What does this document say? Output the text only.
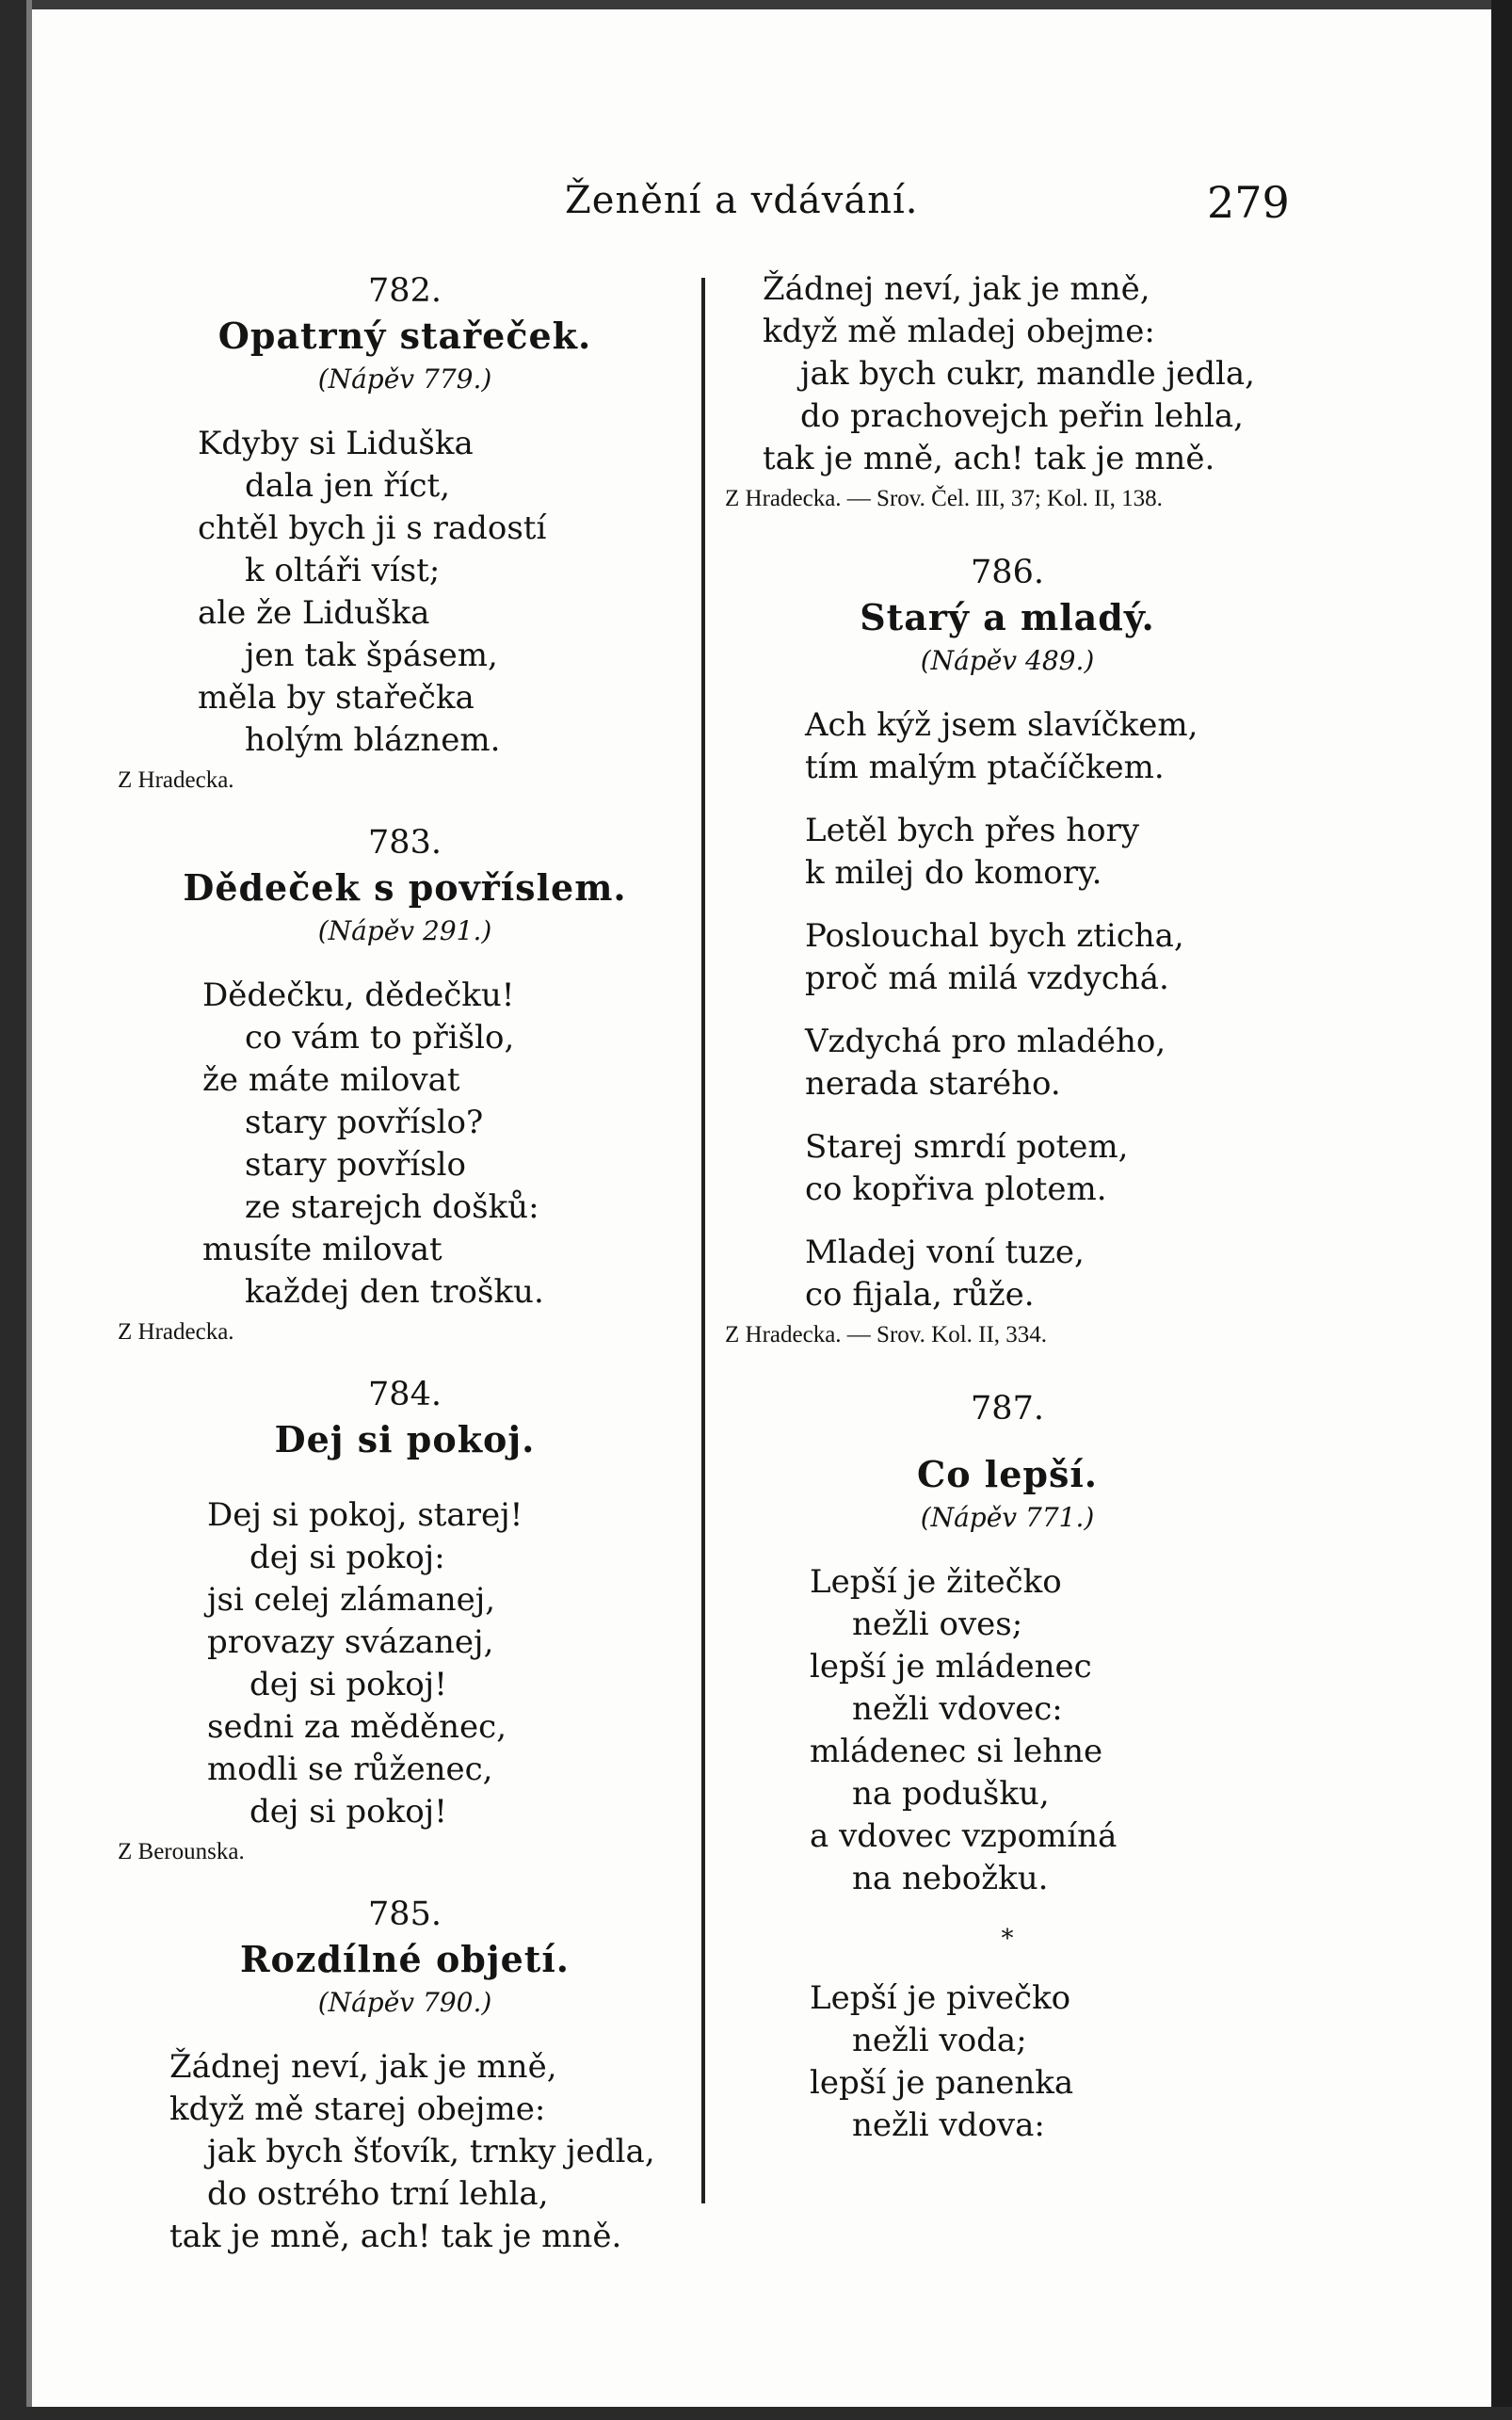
Ženění a vdávání.	279

782.

Opatrný stařeček.

(Nápěv 779.)

Kdyby si Liduška

dala jen říct,

chtěl bych ji s radostí

k oltáři víst;

ale že Liduška

jen tak špásem,

měla by stařečka

holým bláznem.

Z Hradecka.

783.

Dědeček s povříslem.

(Nápěv 291.)

Dědečku, dědečku!

co vám to přišlo,

že máte milovat

stary povříslo?

stary povříslo

ze starejch došků:

musíte milovat

každej den trošku.

Z Hradecka.

784.

Dej si pokoj.

Dej si pokoj, starej!

dej si pokoj:

jsi celej zlámanej,

provazy svázanej,

dej si pokoj!

sedni za měděnec,

modli se růženec,

dej si pokoj!

Z Berounska.

785.

Rozdílné objetí.

(Nápěv 790.)

Žádnej neví, jak je mně,

když mě starej obejme:

jak bych šťovík, trnky jedla,

do ostrého trní lehla,

tak je mně, ach! tak je mně.

Žádnej neví, jak je mně,

když mě mladej obejme:

jak bych cukr, mandle jedla,

do prachovejch peřin lehla,

tak je mně, ach! tak je mně.

Z Hradecka. — Srov. Čel. III, 37; Kol. II, 138.

786.

Starý a mladý.

(Nápěv 489.)

Ach kýž jsem slavíčkem,

tím malým ptačíčkem.

Letěl bych přes hory

k milej do komory.

Poslouchal bych zticha,

proč má milá vzdychá.

Vzdychá pro mladého,

nerada starého.

Starej smrdí potem,

co kopřiva plotem.

Mladej voní tuze,

co fijala, růže.

Z Hradecka. — Srov. Kol. II, 334.

787.

Co lepší.

(Nápěv 771.)

Lepší je žitečko

nežli oves;

lepší je mládenec

nežli vdovec:

mládenec si lehne

na podušku,

a vdovec vzpomíná

na nebožku.

*

Lepší je pivečko

nežli voda;

lepší je panenka

nežli vdova:
